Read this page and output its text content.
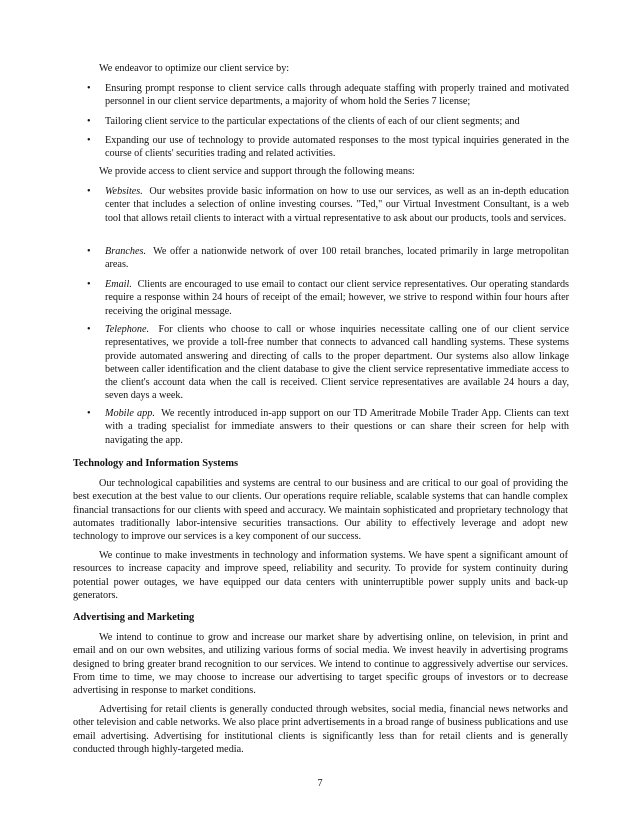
We endeavor to optimize our client service by:
• Ensuring prompt response to client service calls through adequate staffing with properly trained and motivated personnel in our client service departments, a majority of whom hold the Series 7 license;
• Tailoring client service to the particular expectations of the clients of each of our client segments; and
• Expanding our use of technology to provide automated responses to the most typical inquiries generated in the course of clients' securities trading and related activities.
We provide access to client service and support through the following means:
• Websites. Our websites provide basic information on how to use our services, as well as an in-depth education center that includes a selection of online investing courses. "Ted," our Virtual Investment Consultant, is a web tool that allows retail clients to interact with a virtual representative to ask about our products, tools and services.
• Branches. We offer a nationwide network of over 100 retail branches, located primarily in large metropolitan areas.
• Email. Clients are encouraged to use email to contact our client service representatives. Our operating standards require a response within 24 hours of receipt of the email; however, we strive to respond within four hours after receiving the original message.
• Telephone. For clients who choose to call or whose inquiries necessitate calling one of our client service representatives, we provide a toll-free number that connects to advanced call handling systems. These systems provide automated answering and directing of calls to the proper department. Our systems also allow linkage between caller identification and the client database to give the client service representative immediate access to the client's account data when the call is received. Client service representatives are available 24 hours a day, seven days a week.
• Mobile app. We recently introduced in-app support on our TD Ameritrade Mobile Trader App. Clients can text with a trading specialist for immediate answers to their questions or can share their screen for help with navigating the app.
Technology and Information Systems
Our technological capabilities and systems are central to our business and are critical to our goal of providing the best execution at the best value to our clients. Our operations require reliable, scalable systems that can handle complex financial transactions for our clients with speed and accuracy. We maintain sophisticated and proprietary technology that automates traditionally labor-intensive securities transactions. Our ability to effectively leverage and adopt new technology to improve our services is a key component of our success.
We continue to make investments in technology and information systems. We have spent a significant amount of resources to increase capacity and improve speed, reliability and security. To provide for system continuity during potential power outages, we have equipped our data centers with uninterruptible power supply units and back-up generators.
Advertising and Marketing
We intend to continue to grow and increase our market share by advertising online, on television, in print and email and on our own websites, and utilizing various forms of social media. We invest heavily in advertising programs designed to bring greater brand recognition to our services. We intend to continue to aggressively advertise our services. From time to time, we may choose to increase our advertising to target specific groups of investors or to decrease advertising in response to market conditions.
Advertising for retail clients is generally conducted through websites, social media, financial news networks and other television and cable networks. We also place print advertisements in a broad range of business publications and use email advertising. Advertising for institutional clients is significantly less than for retail clients and is generally conducted through highly-targeted media.
7
